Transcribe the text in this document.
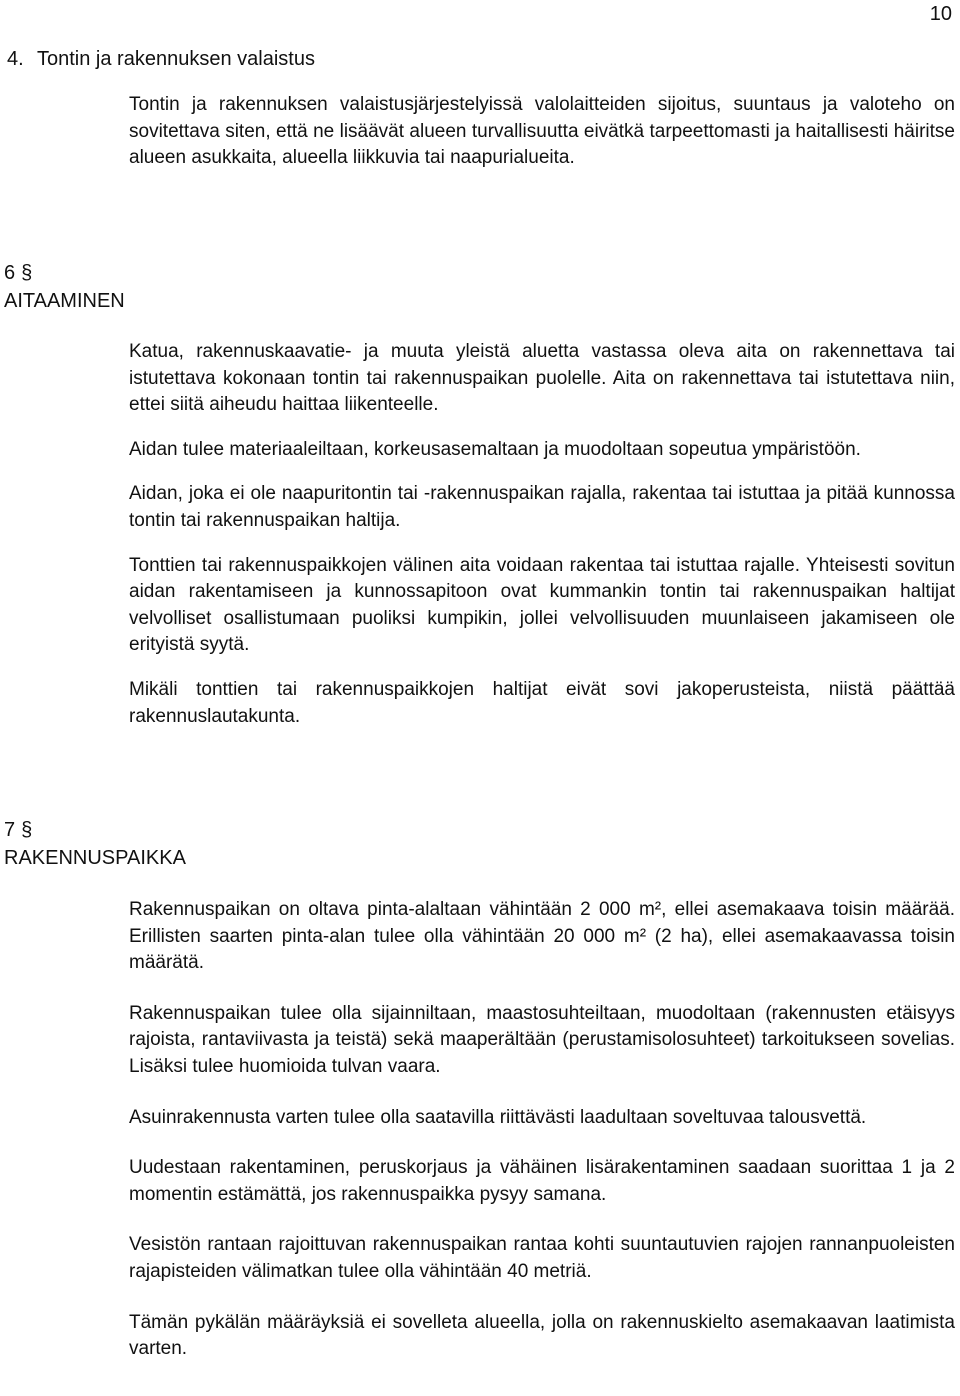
10
4. Tontin ja rakennuksen valaistus

Tontin ja rakennuksen valaistusjärjestelyissä valolaitteiden sijoitus, suuntaus ja valoteho on sovitettava siten, että ne lisäävät alueen turvallisuutta eivätkä tarpeettomasti ja haitallisesti häiritse alueen asukkaita, alueella liikkuvia tai naapurialueita.

6 §
AITAAMINEN

Katua, rakennuskaavatie- ja muuta yleistä aluetta vastassa oleva aita on rakennettava tai istutettava kokonaan tontin tai rakennuspaikan puolelle. Aita on rakennettava tai istutettava niin, ettei siitä aiheudu haittaa liikenteelle.

Aidan tulee materiaaleiltaan, korkeusasemaltaan ja muodoltaan sopeutua ympäristöön.

Aidan, joka ei ole naapuritontin tai -rakennuspaikan rajalla, rakentaa tai istuttaa ja pitää kunnossa tontin tai rakennuspaikan haltija.

Tonttien tai rakennuspaikkojen välinen aita voidaan rakentaa tai istuttaa rajalle. Yhteisesti sovitun aidan rakentamiseen ja kunnossapitoon ovat kummankin tontin tai rakennuspaikan haltijat velvolliset osallistumaan puoliksi kumpikin, jollei velvollisuuden muunlaiseen jakamiseen ole erityistä syytä.

Mikäli tonttien tai rakennuspaikkojen haltijat eivät sovi jakoperusteista, niistä päättää rakennuslautakunta.

7 §
RAKENNUSPAIKKA

Rakennuspaikan on oltava pinta-alaltaan vähintään 2 000 m², ellei asemakaava toisin määrää. Erillisten saarten pinta-alan tulee olla vähintään 20 000 m² (2 ha), ellei asemakaavassa toisin määrätä.

Rakennuspaikan tulee olla sijainniltaan, maastosuhteiltaan, muodoltaan (rakennusten etäisyys rajoista, rantaviivasta ja teistä) sekä maaperältään (perustamisolosuhteet) tarkoitukseen sovelias. Lisäksi tulee huomioida tulvan vaara.

Asuinrakennusta varten tulee olla saatavilla riittävästi laadultaan soveltuvaa talousvettä.

Uudestaan rakentaminen, peruskorjaus ja vähäinen lisärakentaminen saadaan suorittaa 1 ja 2 momentin estämättä, jos rakennuspaikka pysyy samana.

Vesistön rantaan rajoittuvan rakennuspaikan rantaa kohti suuntautuvien rajojen rannanpuoleisten rajapisteiden välimatkan tulee olla vähintään 40 metriä.

Tämän pykälän määräyksiä ei sovelleta alueella, jolla on rakennuskielto asemakaavan laatimista varten.
